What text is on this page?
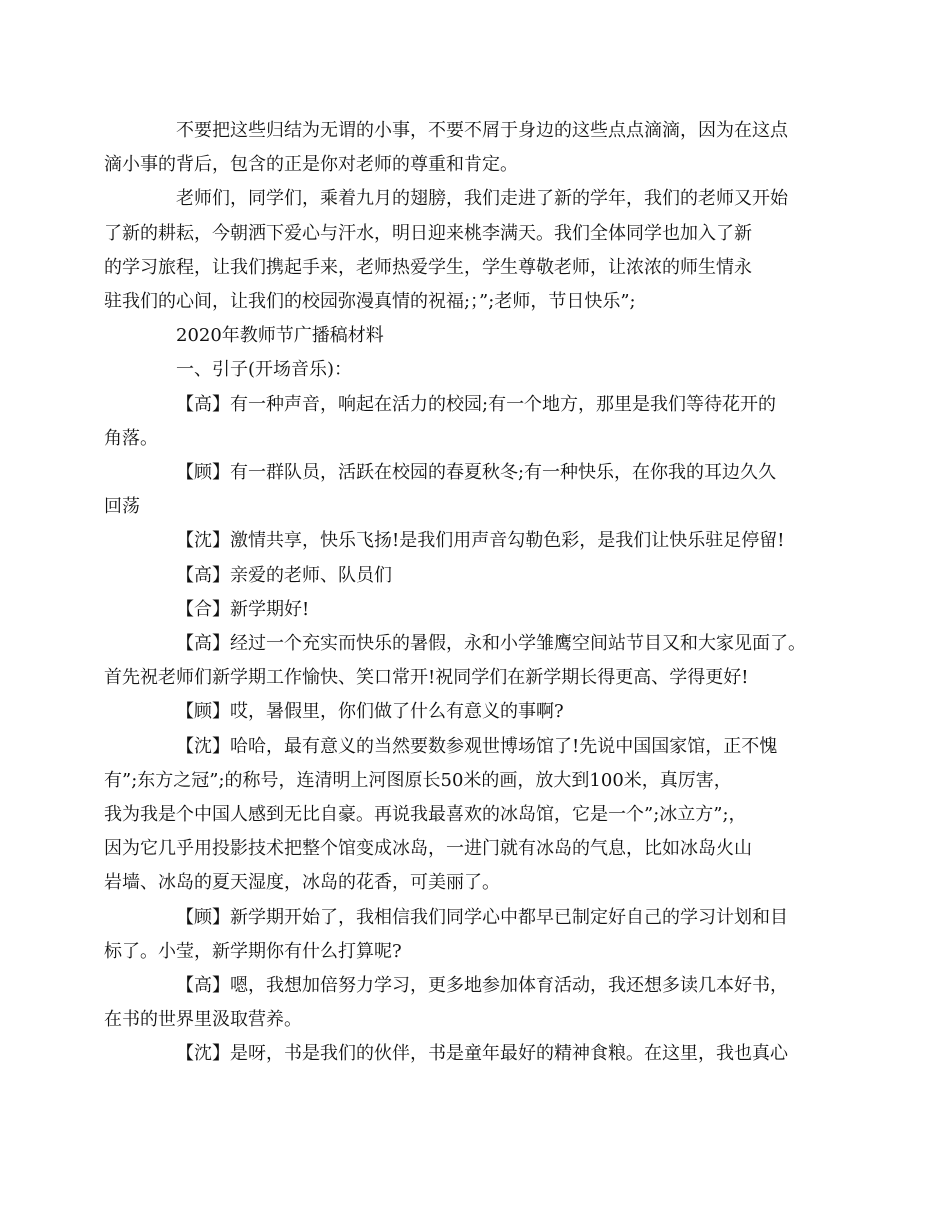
不要把这些归结为无谓的小事，不要不屑于身边的这些点点滴滴，因为在这点
滴小事的背后，包含的正是你对老师的尊重和肯定。

老师们，同学们，乘着九月的翅膀，我们走进了新的学年，我们的老师又开始
了新的耕耘，今朝洒下爱心与汗水，明日迎来桃李满天。我们全体同学也加入了新
的学习旅程，让我们携起手来，老师热爱学生，学生尊敬老师，让浓浓的师生情永
驻我们的心间，让我们的校园弥漫真情的祝福;；”;老师，节日快乐”;

2020年教师节广播稿材料

一、引子(开场音乐)：

【高】有一种声音，响起在活力的校园;有一个地方，那里是我们等待花开的
角落。

【顾】有一群队员，活跃在校园的春夏秋冬;有一种快乐，在你我的耳边久久
回荡

【沈】激情共享，快乐飞扬!是我们用声音勾勒色彩，是我们让快乐驻足停留!

【高】亲爱的老师、队员们

【合】新学期好!

【高】经过一个充实而快乐的暑假，永和小学雏鹰空间站节目又和大家见面了。
首先祝老师们新学期工作愉快、笑口常开!祝同学们在新学期长得更高、学得更好!

【顾】哎，暑假里，你们做了什么有意义的事啊?

【沈】哈哈，最有意义的当然要数参观世博场馆了!先说中国国家馆，正不愧
有”;东方之冠”;的称号，连清明上河图原长50米的画，放大到100米，真厉害，
我为我是个中国人感到无比自豪。再说我最喜欢的冰岛馆，它是一个”;冰立方”;，
因为它几乎用投影技术把整个馆变成冰岛，一进门就有冰岛的气息，比如冰岛火山
岩墙、冰岛的夏天湿度，冰岛的花香，可美丽了。

【顾】新学期开始了，我相信我们同学心中都早已制定好自己的学习计划和目
标了。小莹，新学期你有什么打算呢?

【高】嗯，我想加倍努力学习，更多地参加体育活动，我还想多读几本好书，
在书的世界里汲取营养。

【沈】是呀，书是我们的伙伴，书是童年最好的精神食粮。在这里，我也真心
